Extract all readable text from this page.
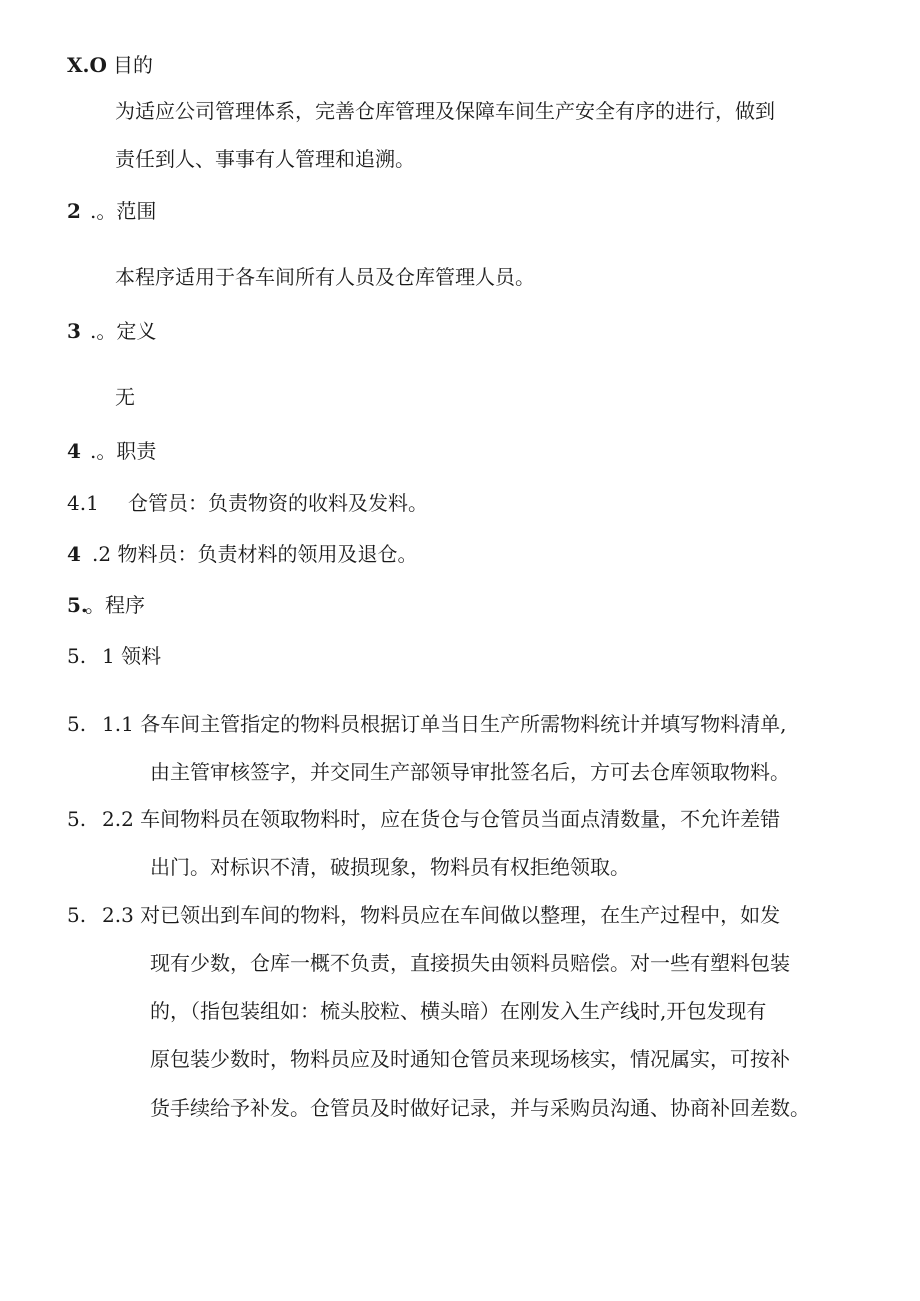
X.O 目的
为适应公司管理体系，完善仓库管理及保障车间生产安全有序的进行，做到
责任到人、事事有人管理和追溯。
2 .。范围
本程序适用于各车间所有人员及仓库管理人员。
3 .。定义
无
4 .。职责
4.1 仓管员：负责物资的收料及发料。
4 .2 物料员：负责材料的领用及退仓。
5.
。程序
5. 1 领料
5. 1.1 各车间主管指定的物料员根据订单当日生产所需物料统计并填写物料清单,
由主管审核签字，并交同生产部领导审批签名后，方可去仓库领取物料。
5. 2.2 车间物料员在领取物料时，应在货仓与仓管员当面点清数量，不允许差错
出门。对标识不清，破损现象，物料员有权拒绝领取。
5. 2.3 对已领出到车间的物料，物料员应在车间做以整理，在生产过程中，如发
现有少数，仓库一概不负责，直接损失由领料员赔偿。对一些有塑料包装
的，（指包装组如：梳头胶粒、横头暗）在刚发入生产线时,开包发现有
原包装少数时，物料员应及时通知仓管员来现场核实，情况属实，可按补
货手续给予补发。仓管员及时做好记录，并与采购员沟通、协商补回差数。
